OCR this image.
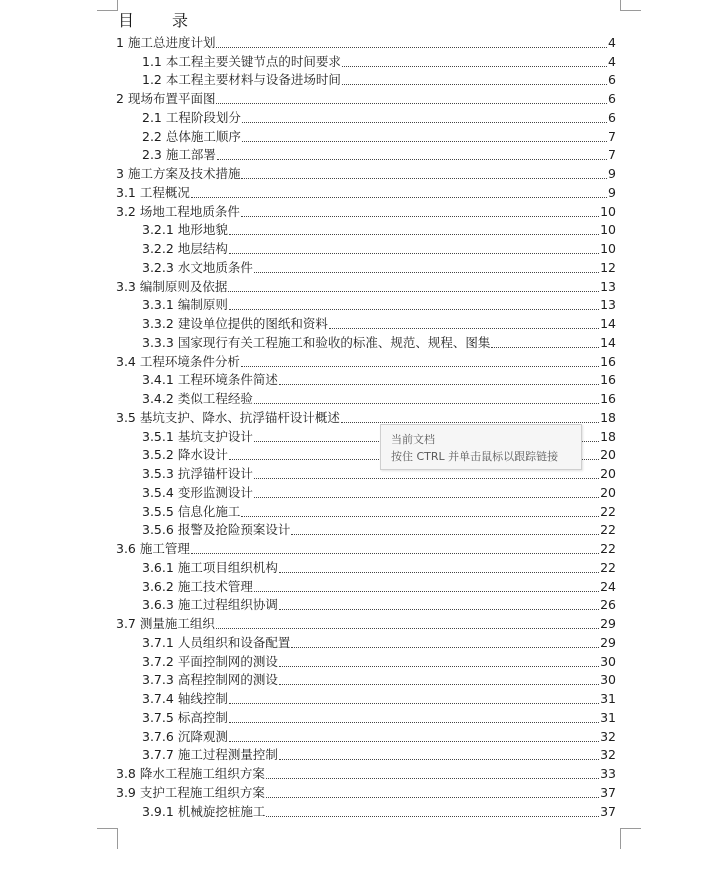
目 录
1 施工总进度计划	4
1.1 本工程主要关键节点的时间要求	4
1.2 本工程主要材料与设备进场时间	6
2 现场布置平面图	6
2.1 工程阶段划分	6
2.2 总体施工顺序	7
2.3 施工部署	7
3 施工方案及技术措施	9
3.1 工程概况	9
3.2 场地工程地质条件	10
3.2.1 地形地貌	10
3.2.2 地层结构	10
3.2.3 水文地质条件	12
3.3 编制原则及依据	13
3.3.1 编制原则	13
3.3.2 建设单位提供的图纸和资料	14
3.3.3 国家现行有关工程施工和验收的标准、规范、规程、图集	14
3.4 工程环境条件分析	16
3.4.1 工程环境条件简述	16
3.4.2 类似工程经验	16
3.5 基坑支护、降水、抗浮锚杆设计概述	18
3.5.1 基坑支护设计	18
3.5.2 降水设计	20
3.5.3 抗浮锚杆设计	20
3.5.4 变形监测设计	20
3.5.5 信息化施工	22
3.5.6 报警及抢险预案设计	22
3.6 施工管理	22
3.6.1 施工项目组织机构	22
3.6.2 施工技术管理	24
3.6.3 施工过程组织协调	26
3.7 测量施工组织	29
3.7.1 人员组织和设备配置	29
3.7.2 平面控制网的测设	30
3.7.3 高程控制网的测设	30
3.7.4 轴线控制	31
3.7.5 标高控制	31
3.7.6 沉降观测	32
3.7.7 施工过程测量控制	32
3.8 降水工程施工组织方案	33
3.9 支护工程施工组织方案	37
3.9.1 机械旋挖桩施工	37
当前文档
按住 CTRL 并单击鼠标以跟踪链接
